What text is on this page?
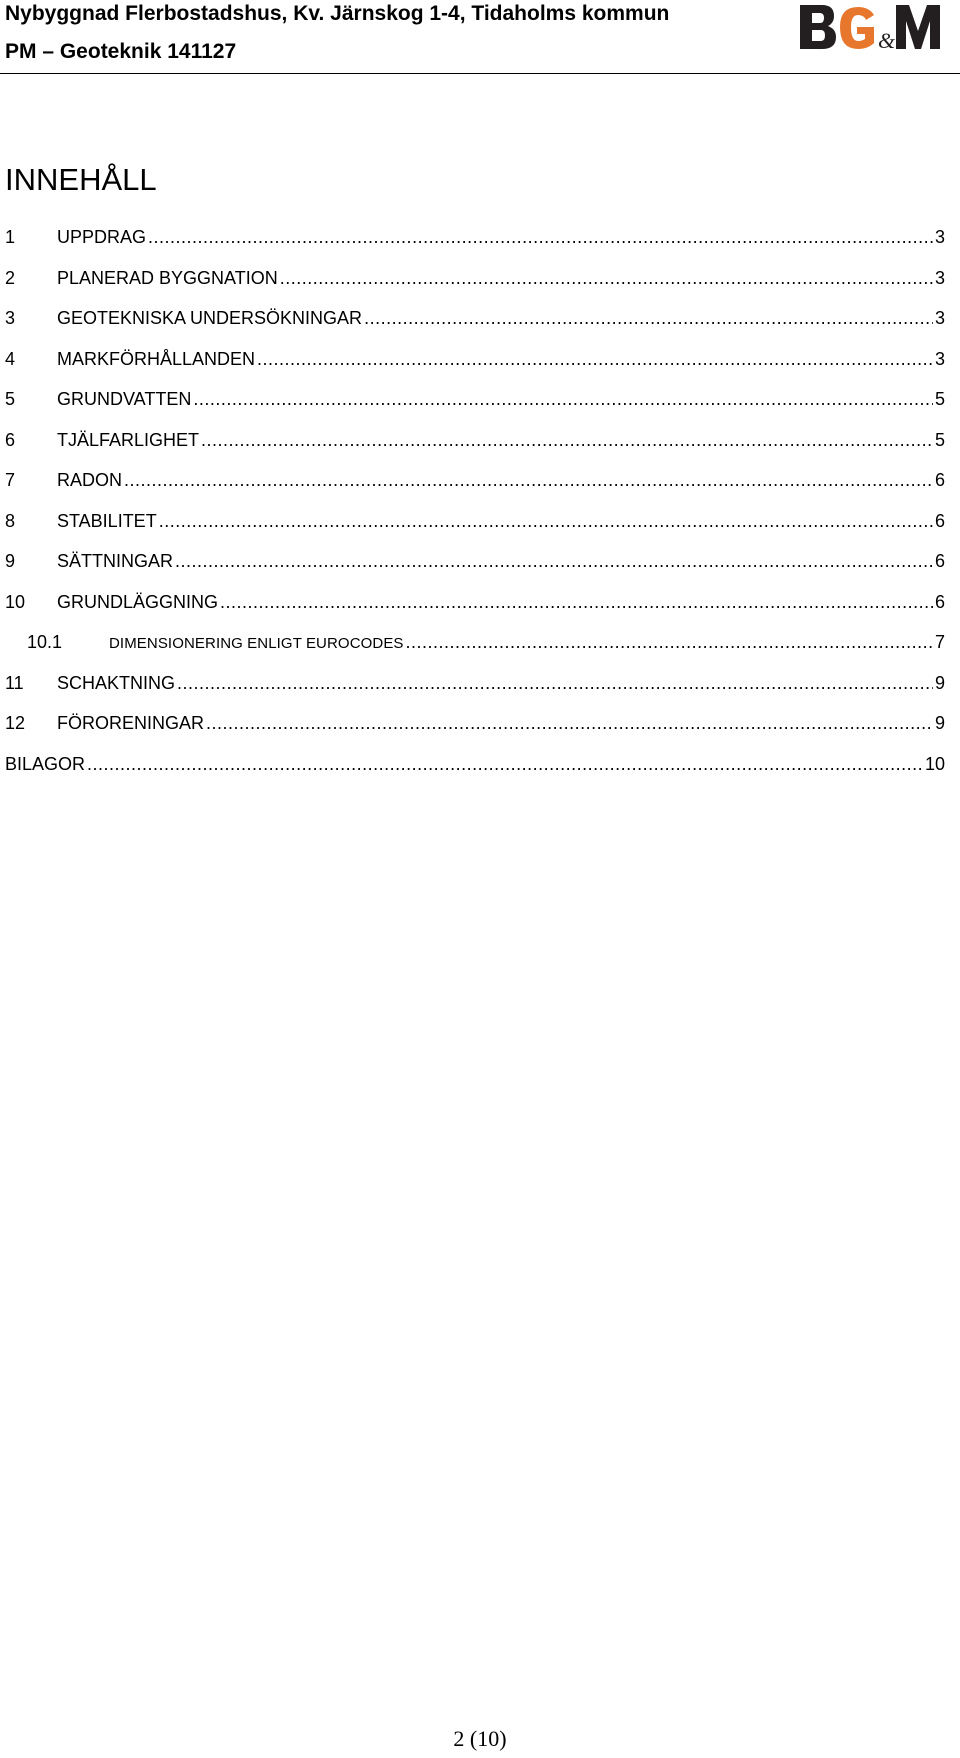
Nybyggnad Flerbostadshus, Kv. Järnskog 1-4, Tidaholms kommun
PM – Geoteknik 141127	&
INNEHÅLL
1	UPPDRAG .....	3
2	PLANERAD BYGGNATION .....	3
3	GEOTEKNISKA UNDERSÖKNINGAR .....	3
4	MARKFÖRHÅLLANDEN .....	3
5	GRUNDVATTEN .....	5
6	TJÄLFARLIGHET .....	5
7	RADON .....	6
8	STABILITET .....	6
9	SÄTTNINGAR .....	6
10	GRUNDLÄGGNING .....	6
10.1	DIMENSIONERING ENLIGT EUROCODES .....	7
11	SCHAKTNING .....	9
12	FÖRORENINGAR .....	9
BILAGOR .....	10
2 (10)
